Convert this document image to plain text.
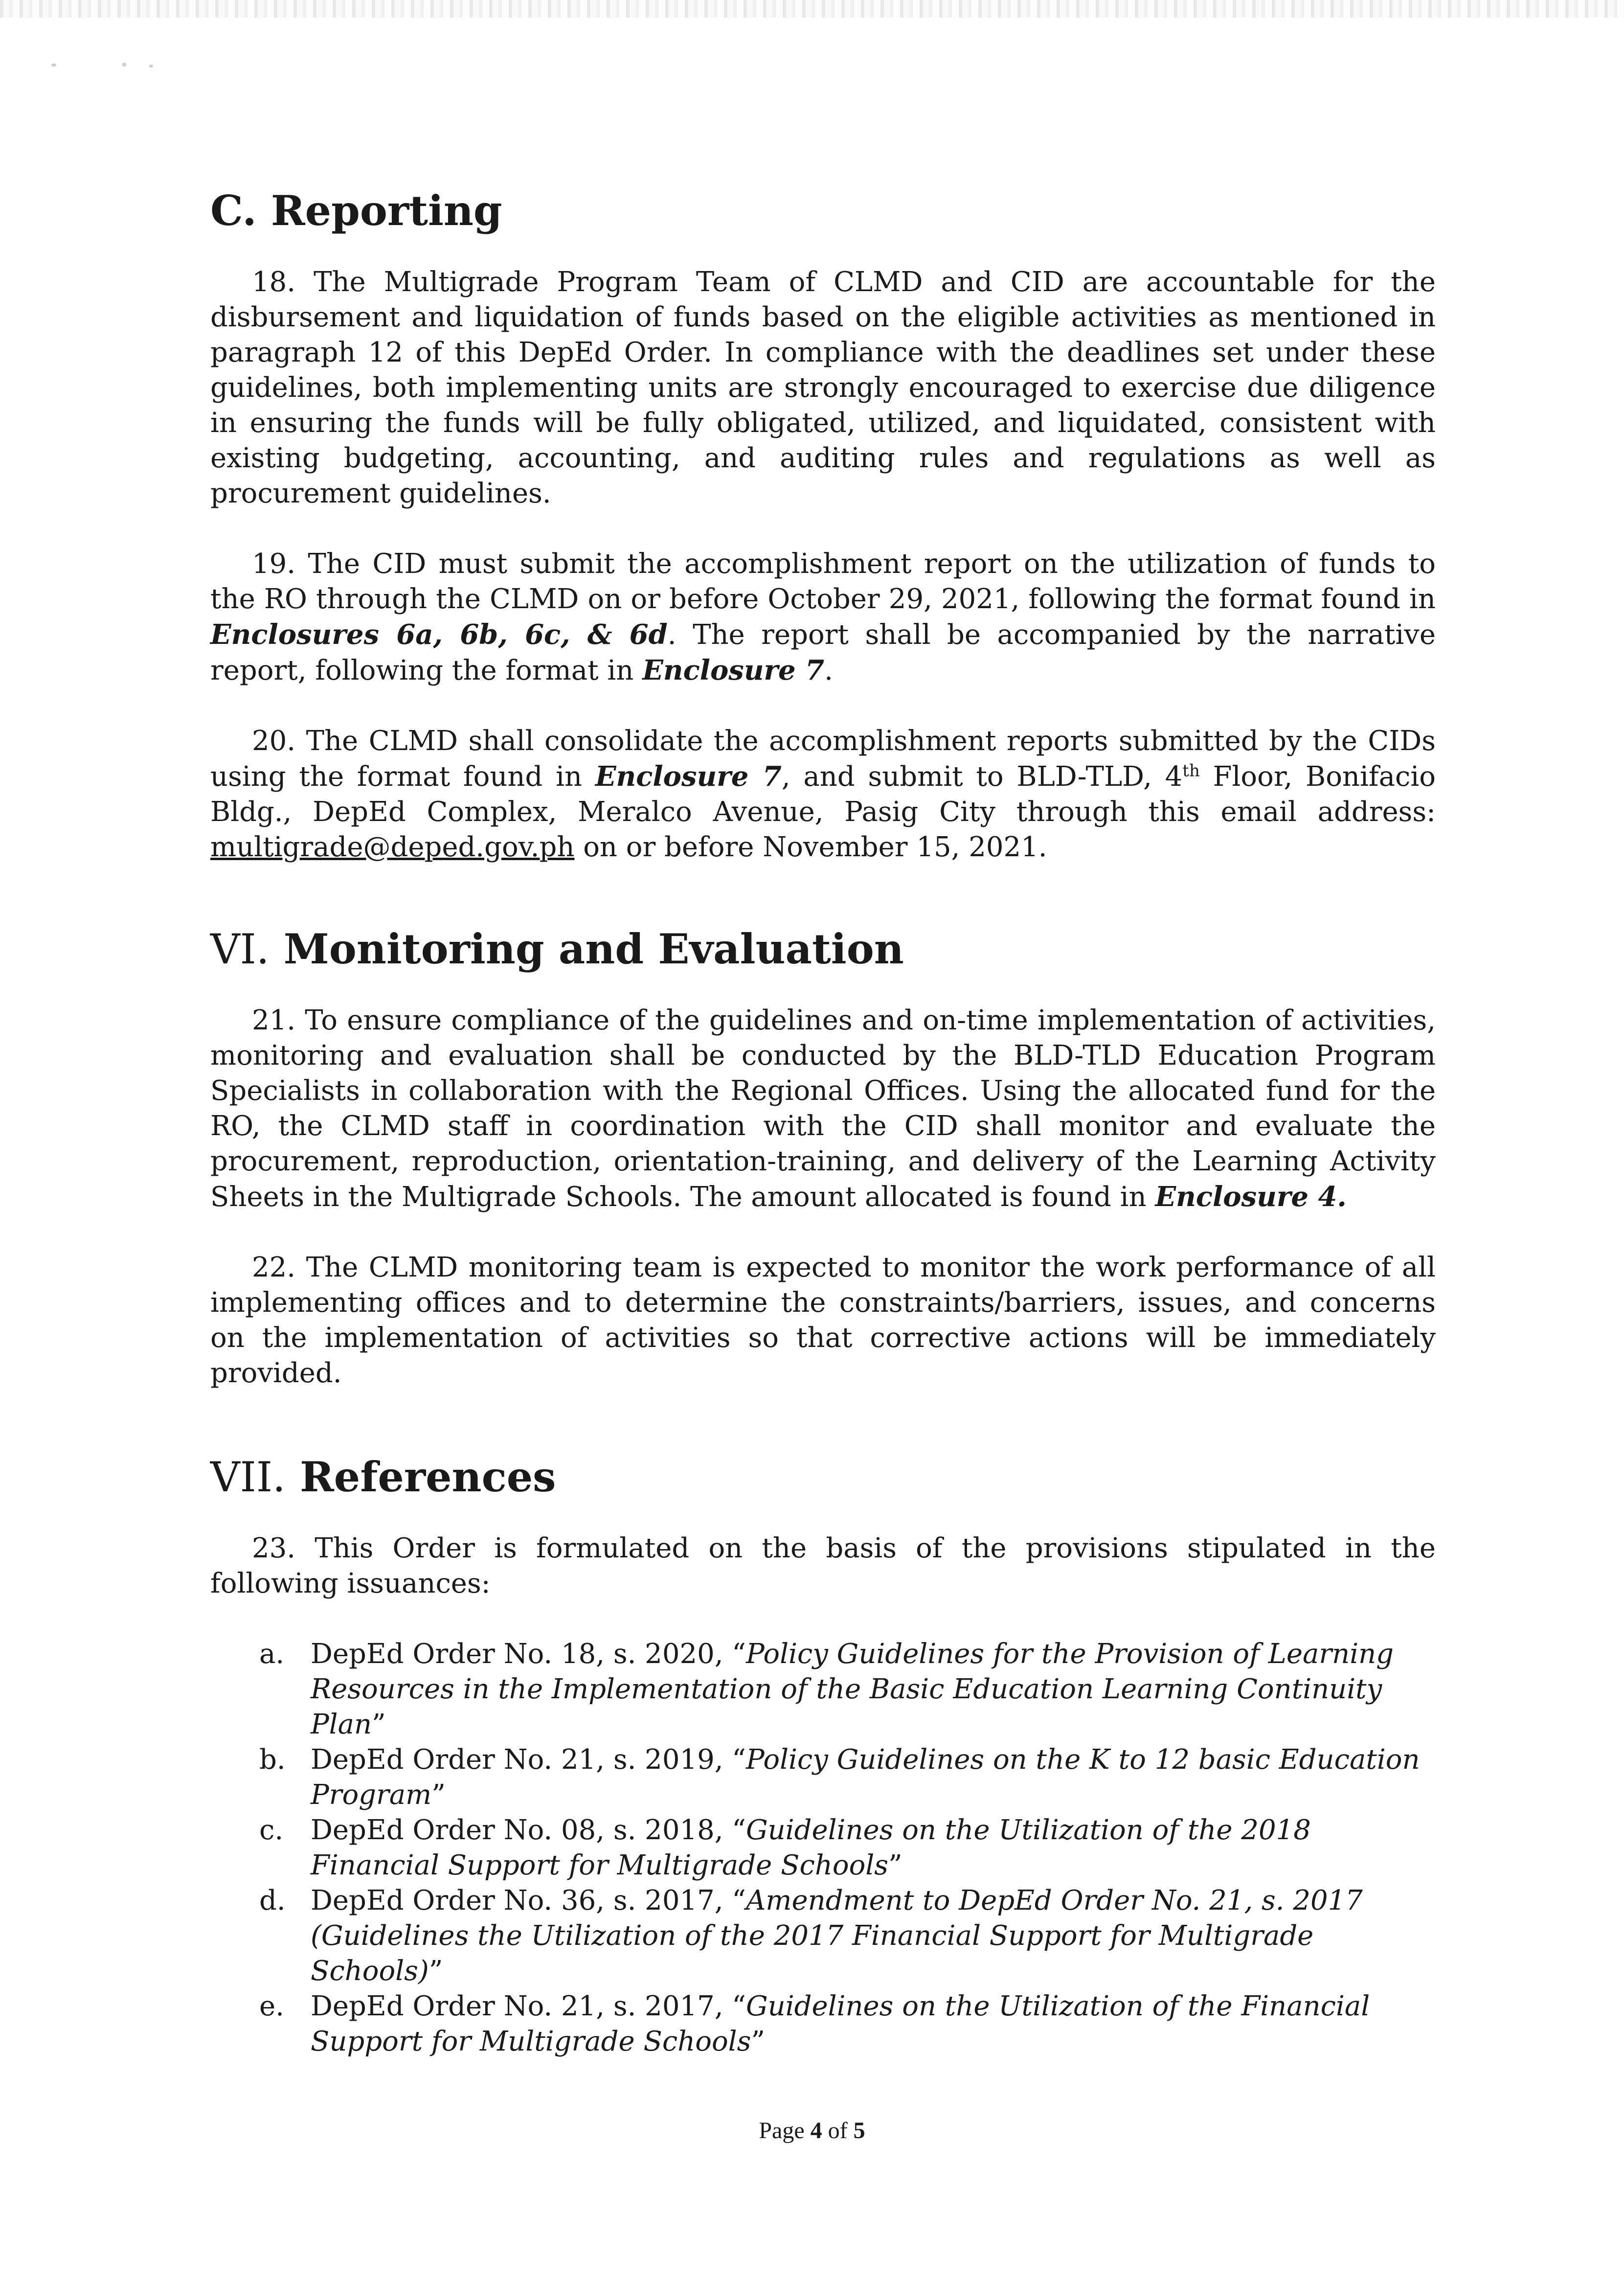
C. Reporting

18. The Multigrade Program Team of CLMD and CID are accountable for the disbursement and liquidation of funds based on the eligible activities as mentioned in paragraph 12 of this DepEd Order. In compliance with the deadlines set under these guidelines, both implementing units are strongly encouraged to exercise due diligence in ensuring the funds will be fully obligated, utilized, and liquidated, consistent with existing budgeting, accounting, and auditing rules and regulations as well as procurement guidelines.

19. The CID must submit the accomplishment report on the utilization of funds to the RO through the CLMD on or before October 29, 2021, following the format found in Enclosures 6a, 6b, 6c, & 6d. The report shall be accompanied by the narrative report, following the format in Enclosure 7.

20. The CLMD shall consolidate the accomplishment reports submitted by the CIDs using the format found in Enclosure 7, and submit to BLD-TLD, 4th Floor, Bonifacio Bldg., DepEd Complex, Meralco Avenue, Pasig City through this email address: multigrade@deped.gov.ph on or before November 15, 2021.

VI. Monitoring and Evaluation

21. To ensure compliance of the guidelines and on-time implementation of activities, monitoring and evaluation shall be conducted by the BLD-TLD Education Program Specialists in collaboration with the Regional Offices. Using the allocated fund for the RO, the CLMD staff in coordination with the CID shall monitor and evaluate the procurement, reproduction, orientation-training, and delivery of the Learning Activity Sheets in the Multigrade Schools. The amount allocated is found in Enclosure 4.

22. The CLMD monitoring team is expected to monitor the work performance of all implementing offices and to determine the constraints/barriers, issues, and concerns on the implementation of activities so that corrective actions will be immediately provided.

VII. References

23. This Order is formulated on the basis of the provisions stipulated in the following issuances:

a. DepEd Order No. 18, s. 2020, “Policy Guidelines for the Provision of Learning Resources in the Implementation of the Basic Education Learning Continuity Plan”
b. DepEd Order No. 21, s. 2019, “Policy Guidelines on the K to 12 basic Education Program”
c. DepEd Order No. 08, s. 2018, “Guidelines on the Utilization of the 2018 Financial Support for Multigrade Schools”
d. DepEd Order No. 36, s. 2017, “Amendment to DepEd Order No. 21, s. 2017 (Guidelines the Utilization of the 2017 Financial Support for Multigrade Schools)”
e. DepEd Order No. 21, s. 2017, “Guidelines on the Utilization of the Financial Support for Multigrade Schools”
Page 4 of 5
